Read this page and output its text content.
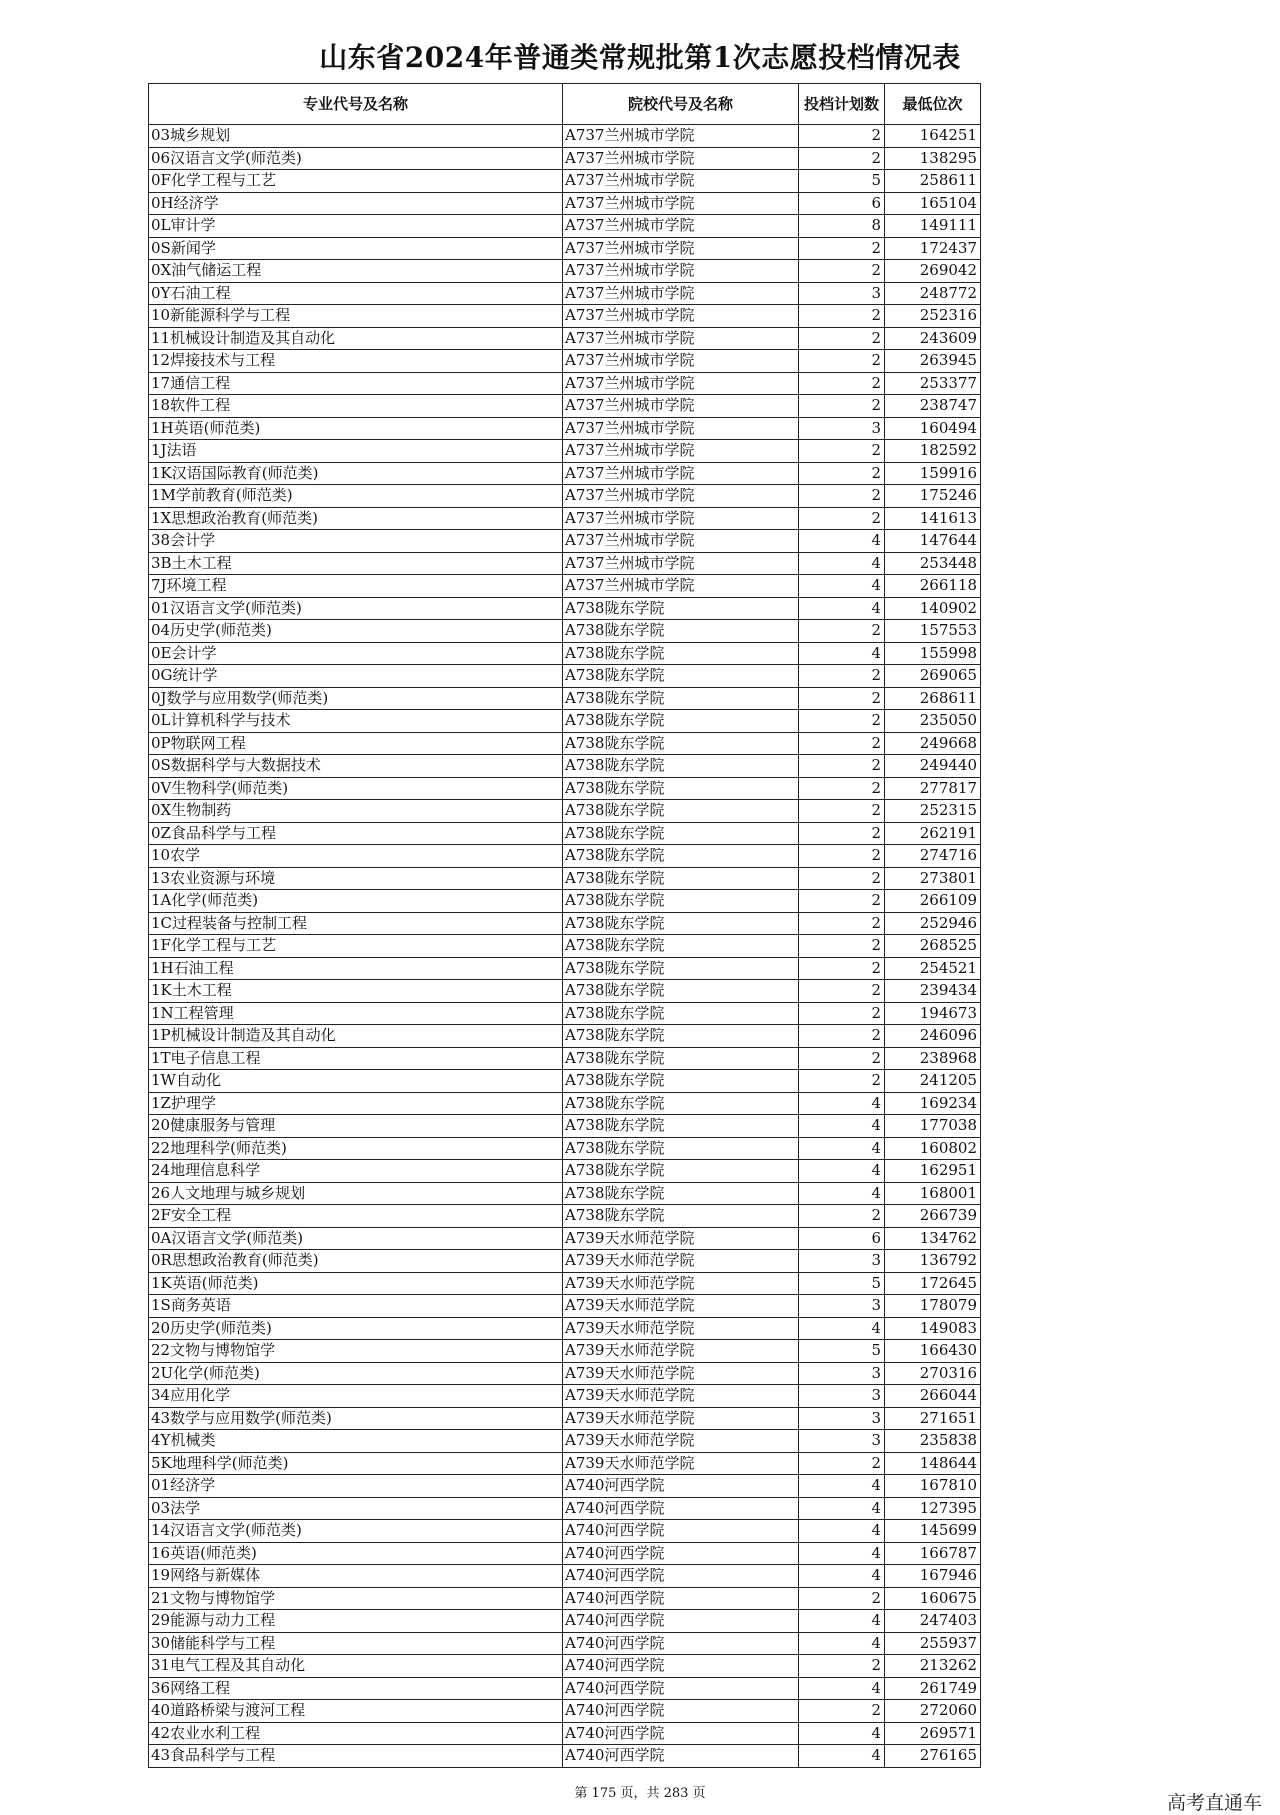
山东省2024年普通类常规批第1次志愿投档情况表
专业代号及名称	院校代号及名称	投档计划数	最低位次
03城乡规划	A737兰州城市学院	2	164251
06汉语言文学(师范类)	A737兰州城市学院	2	138295
0F化学工程与工艺	A737兰州城市学院	5	258611
0H经济学	A737兰州城市学院	6	165104
0L审计学	A737兰州城市学院	8	149111
0S新闻学	A737兰州城市学院	2	172437
0X油气储运工程	A737兰州城市学院	2	269042
0Y石油工程	A737兰州城市学院	3	248772
10新能源科学与工程	A737兰州城市学院	2	252316
11机械设计制造及其自动化	A737兰州城市学院	2	243609
12焊接技术与工程	A737兰州城市学院	2	263945
17通信工程	A737兰州城市学院	2	253377
18软件工程	A737兰州城市学院	2	238747
1H英语(师范类)	A737兰州城市学院	3	160494
1J法语	A737兰州城市学院	2	182592
1K汉语国际教育(师范类)	A737兰州城市学院	2	159916
1M学前教育(师范类)	A737兰州城市学院	2	175246
1X思想政治教育(师范类)	A737兰州城市学院	2	141613
38会计学	A737兰州城市学院	4	147644
3B土木工程	A737兰州城市学院	4	253448
7J环境工程	A737兰州城市学院	4	266118
01汉语言文学(师范类)	A738陇东学院	4	140902
04历史学(师范类)	A738陇东学院	2	157553
0E会计学	A738陇东学院	4	155998
0G统计学	A738陇东学院	2	269065
0J数学与应用数学(师范类)	A738陇东学院	2	268611
0L计算机科学与技术	A738陇东学院	2	235050
0P物联网工程	A738陇东学院	2	249668
0S数据科学与大数据技术	A738陇东学院	2	249440
0V生物科学(师范类)	A738陇东学院	2	277817
0X生物制药	A738陇东学院	2	252315
0Z食品科学与工程	A738陇东学院	2	262191
10农学	A738陇东学院	2	274716
13农业资源与环境	A738陇东学院	2	273801
1A化学(师范类)	A738陇东学院	2	266109
1C过程装备与控制工程	A738陇东学院	2	252946
1F化学工程与工艺	A738陇东学院	2	268525
1H石油工程	A738陇东学院	2	254521
1K土木工程	A738陇东学院	2	239434
1N工程管理	A738陇东学院	2	194673
1P机械设计制造及其自动化	A738陇东学院	2	246096
1T电子信息工程	A738陇东学院	2	238968
1W自动化	A738陇东学院	2	241205
1Z护理学	A738陇东学院	4	169234
20健康服务与管理	A738陇东学院	4	177038
22地理科学(师范类)	A738陇东学院	4	160802
24地理信息科学	A738陇东学院	4	162951
26人文地理与城乡规划	A738陇东学院	4	168001
2F安全工程	A738陇东学院	2	266739
0A汉语言文学(师范类)	A739天水师范学院	6	134762
0R思想政治教育(师范类)	A739天水师范学院	3	136792
1K英语(师范类)	A739天水师范学院	5	172645
1S商务英语	A739天水师范学院	3	178079
20历史学(师范类)	A739天水师范学院	4	149083
22文物与博物馆学	A739天水师范学院	5	166430
2U化学(师范类)	A739天水师范学院	3	270316
34应用化学	A739天水师范学院	3	266044
43数学与应用数学(师范类)	A739天水师范学院	3	271651
4Y机械类	A739天水师范学院	3	235838
5K地理科学(师范类)	A739天水师范学院	2	148644
01经济学	A740河西学院	4	167810
03法学	A740河西学院	4	127395
14汉语言文学(师范类)	A740河西学院	4	145699
16英语(师范类)	A740河西学院	4	166787
19网络与新媒体	A740河西学院	4	167946
21文物与博物馆学	A740河西学院	2	160675
29能源与动力工程	A740河西学院	4	247403
30储能科学与工程	A740河西学院	4	255937
31电气工程及其自动化	A740河西学院	2	213262
36网络工程	A740河西学院	4	261749
40道路桥梁与渡河工程	A740河西学院	2	272060
42农业水利工程	A740河西学院	4	269571
43食品科学与工程	A740河西学院	4	276165
第 175 页，共 283 页	高考直通车
